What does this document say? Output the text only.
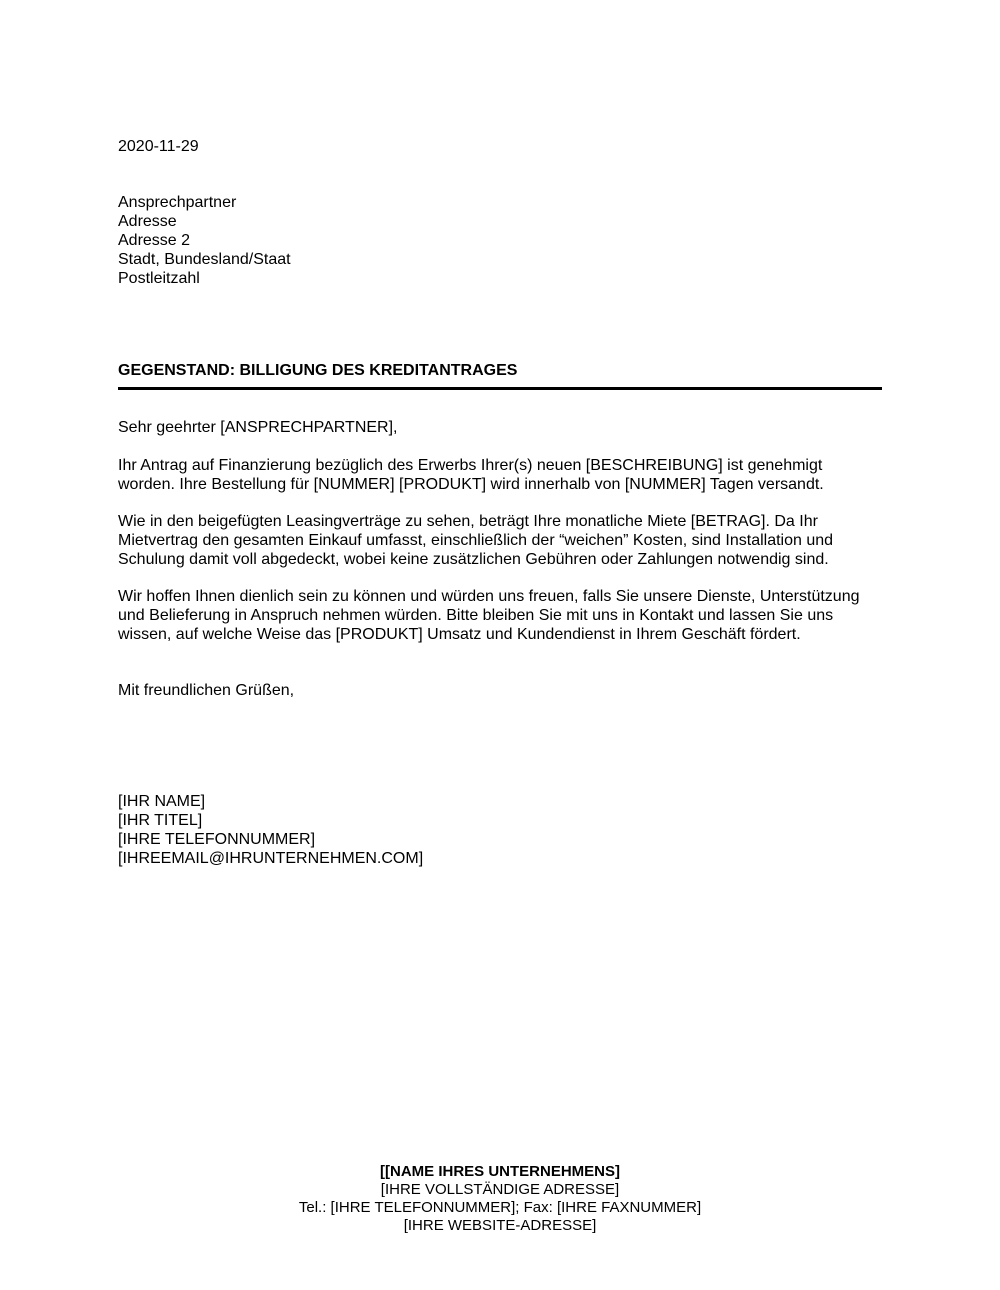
2020-11-29
Ansprechpartner
Adresse
Adresse 2
Stadt, Bundesland/Staat
Postleitzahl
GEGENSTAND: BILLIGUNG DES KREDITANTRAGES
Sehr geehrter [ANSPRECHPARTNER],
Ihr Antrag auf Finanzierung bezüglich des Erwerbs Ihrer(s) neuen [BESCHREIBUNG] ist genehmigt
worden. Ihre Bestellung für [NUMMER] [PRODUKT] wird innerhalb von [NUMMER] Tagen versandt.
Wie in den beigefügten Leasingverträge zu sehen, beträgt Ihre monatliche Miete [BETRAG]. Da Ihr
Mietvertrag den gesamten Einkauf umfasst, einschließlich der “weichen” Kosten, sind Installation und
Schulung damit voll abgedeckt, wobei keine zusätzlichen Gebühren oder Zahlungen notwendig sind.
Wir hoffen Ihnen dienlich sein zu können und würden uns freuen, falls Sie unsere Dienste, Unterstützung
und Belieferung in Anspruch nehmen würden. Bitte bleiben Sie mit uns in Kontakt und lassen Sie uns
wissen, auf welche Weise das [PRODUKT] Umsatz und Kundendienst in Ihrem Geschäft fördert.
Mit freundlichen Grüßen,
[IHR NAME]
[IHR TITEL]
[IHRE TELEFONNUMMER]
[IHREEMAIL@IHRUNTERNEHMEN.COM]
[[NAME IHRES UNTERNEHMENS]
[IHRE VOLLSTÄNDIGE ADRESSE]
Tel.: [IHRE TELEFONNUMMER]; Fax: [IHRE FAXNUMMER]
[IHRE WEBSITE-ADRESSE]
